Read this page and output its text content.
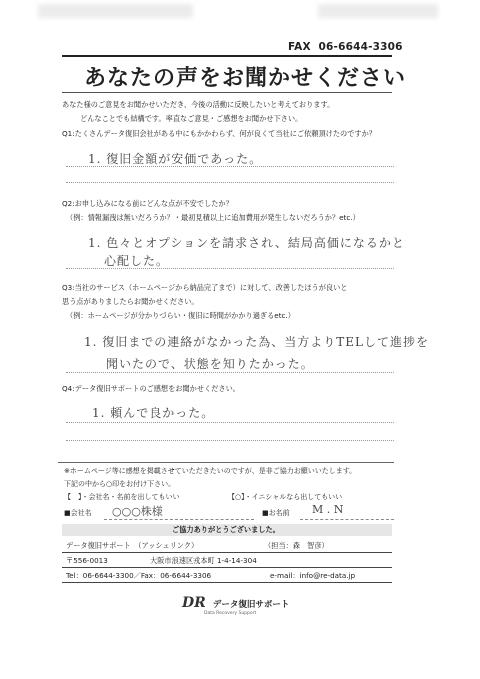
FAX 06-6644-3306
あなたの声をお聞かせください
あなた様のご意見をお聞かせいただき、今後の活動に反映したいと考えております。
どんなことでも結構です。率直なご意見・ご感想をお聞かせ下さい。
Q1:たくさんデータ復旧会社がある中にもかかわらず、何が良くて当社にご依頼頂けたのですか？
1. 復旧金額が安価であった。
Q2:お申し込みになる前にどんな点が不安でしたか？
（例：情報漏洩は無いだろうか？・最初見積以上に追加費用が発生しないだろうか？etc.）
1. 色々とオプションを請求され、結局高価になるかと
心配した。
Q3:当社のサービス（ホームページから納品完了まで）に対して、改善したほうが良いと
思う点がありましたらお聞かせください。
（例：ホームページが分かりづらい・復旧に時間がかかり過ぎるetc.）
1. 復旧までの連絡がなかった為、当方よりTELして進捗を
聞いたので、状態を知りたかった。
Q4:データ復旧サポートのご感想をお聞かせください。
1. 頼んで良かった。
※ホームページ等に感想を掲載させていただきたいのですが、是非ご協力お願いいたします。
下記の中から○印をお付け下さい。
【　】・会社名・名前を出してもいい	【○】・イニシャルなら出してもいい
■会社名 ○○○株様	■お名前 M . N
ご協力ありがとうございました。
データ復旧サポート　（アッシュリンク）	（担当：森　智彦）
〒556-0013	大阪市浪速区戎本町 1-4-14-304
Tel：06-6644-3300／Fax：06-6644-3306	e-mail：info@re-data.jp
DR データ復旧サポート
Data Recovery Support
